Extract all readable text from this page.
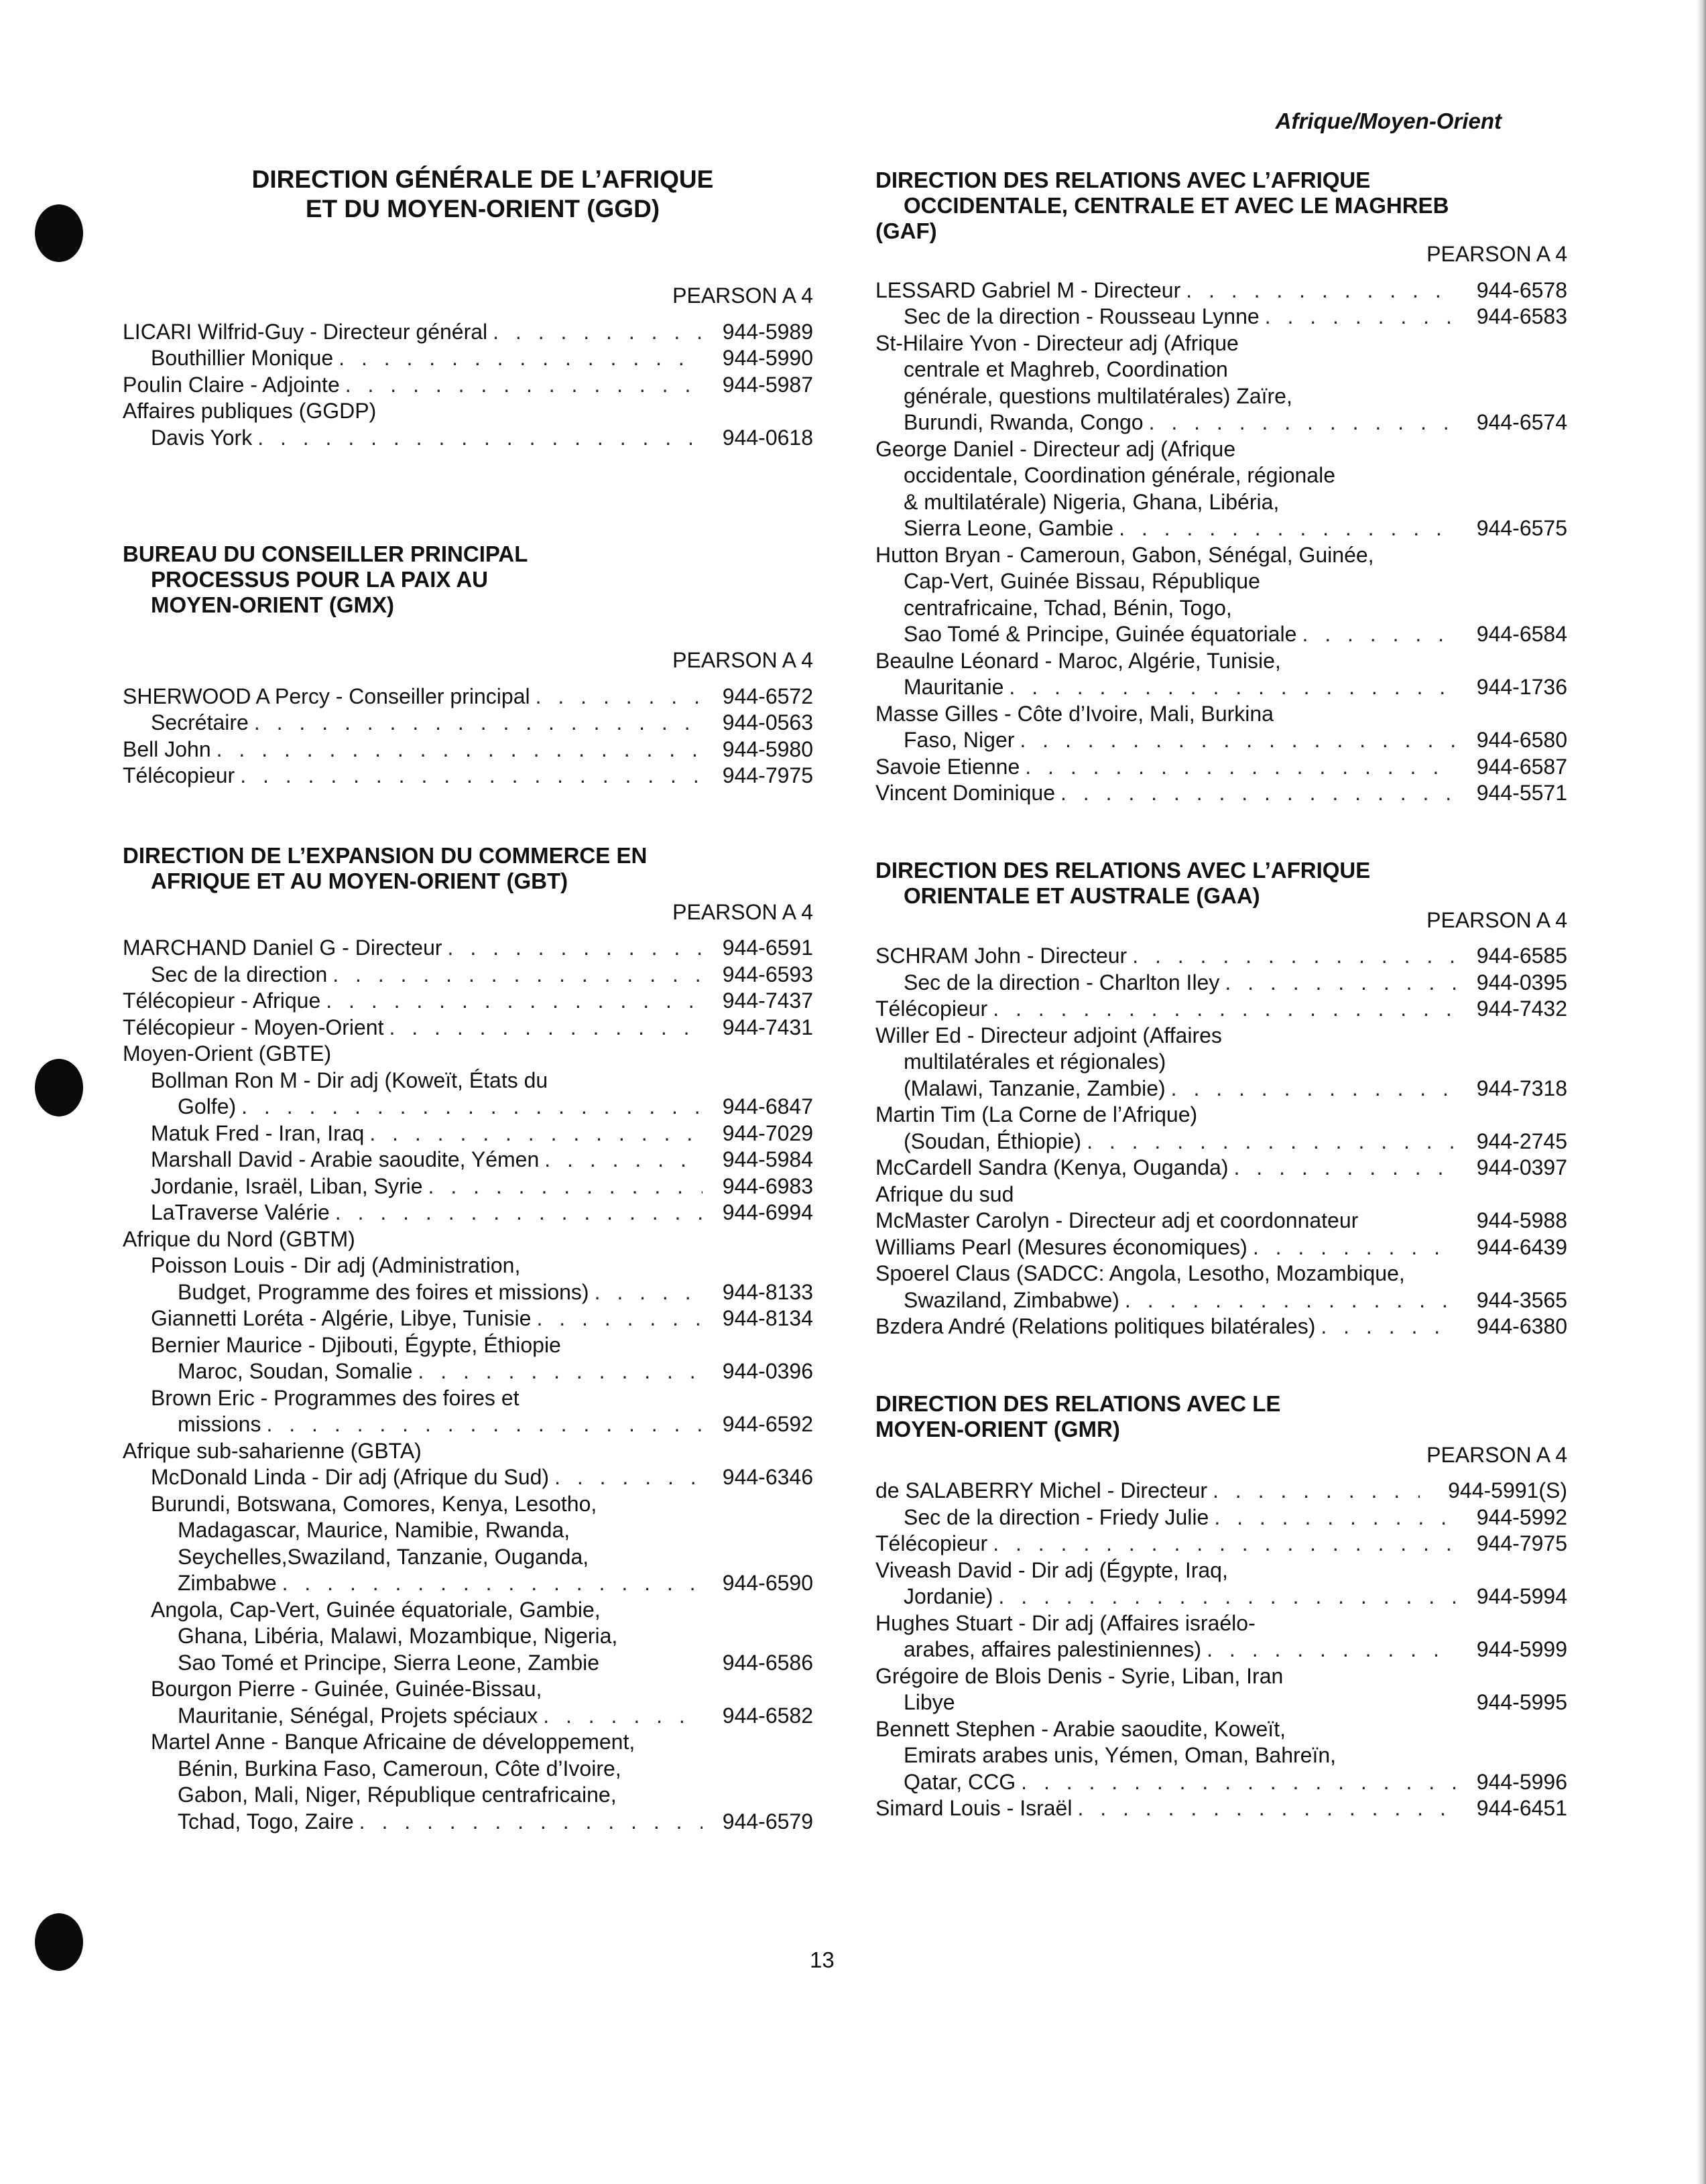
Afrique/Moyen-Orient
DIRECTION GÉNÉRALE DE L’AFRIQUE
ET DU MOYEN-ORIENT (GGD)
PEARSON A 4
LICARI Wilfrid-Guy - Directeur général . . .	944-5989
Bouthillier Monique . . .	944-5990
Poulin Claire - Adjointe . . .	944-5987
Affaires publiques (GGDP)
Davis York . . .	944-0618
BUREAU DU CONSEILLER PRINCIPAL
PROCESSUS POUR LA PAIX AU
MOYEN-ORIENT (GMX)
PEARSON A 4
SHERWOOD A Percy - Conseiller principal . . .	944-6572
Secrétaire . . .	944-0563
Bell John . . .	944-5980
Télécopieur . . .	944-7975
DIRECTION DE L’EXPANSION DU COMMERCE EN
AFRIQUE ET AU MOYEN-ORIENT (GBT)
PEARSON A 4
MARCHAND Daniel G - Directeur . . .	944-6591
Sec de la direction . . .	944-6593
Télécopieur - Afrique . . .	944-7437
Télécopieur - Moyen-Orient . . .	944-7431
Moyen-Orient (GBTE)
Bollman Ron M - Dir adj (Koweït, États du
Golfe) . . .	944-6847
Matuk Fred - Iran, Iraq . . .	944-7029
Marshall David - Arabie saoudite, Yémen . . .	944-5984
Jordanie, Israël, Liban, Syrie . . .	944-6983
LaTraverse Valérie . . .	944-6994
Afrique du Nord (GBTM)
Poisson Louis - Dir adj (Administration,
Budget, Programme des foires et missions) . . .	944-8133
Giannetti Loréta - Algérie, Libye, Tunisie . . .	944-8134
Bernier Maurice - Djibouti, Égypte, Éthiopie
Maroc, Soudan, Somalie . . .	944-0396
Brown Eric - Programmes des foires et
missions . . .	944-6592
Afrique sub-saharienne (GBTA)
McDonald Linda - Dir adj (Afrique du Sud) . . .	944-6346
Burundi, Botswana, Comores, Kenya, Lesotho,
Madagascar, Maurice, Namibie, Rwanda,
Seychelles,Swaziland, Tanzanie, Ouganda,
Zimbabwe . . .	944-6590
Angola, Cap-Vert, Guinée équatoriale, Gambie,
Ghana, Libéria, Malawi, Mozambique, Nigeria,
Sao Tomé et Principe, Sierra Leone, Zambie	944-6586
Bourgon Pierre - Guinée, Guinée-Bissau,
Mauritanie, Sénégal, Projets spéciaux . . .	944-6582
Martel Anne - Banque Africaine de développement,
Bénin, Burkina Faso, Cameroun, Côte d’Ivoire,
Gabon, Mali, Niger, République centrafricaine,
Tchad, Togo, Zaire . . .	944-6579
DIRECTION DES RELATIONS AVEC L’AFRIQUE
OCCIDENTALE, CENTRALE ET AVEC LE MAGHREB
(GAF)
PEARSON A 4
LESSARD Gabriel M - Directeur . . .	944-6578
Sec de la direction - Rousseau Lynne . . .	944-6583
St-Hilaire Yvon - Directeur adj (Afrique
centrale et Maghreb, Coordination
générale, questions multilatérales) Zaïre,
Burundi, Rwanda, Congo . . .	944-6574
George Daniel - Directeur adj (Afrique
occidentale, Coordination générale, régionale
& multilatérale) Nigeria, Ghana, Libéria,
Sierra Leone, Gambie . . .	944-6575
Hutton Bryan - Cameroun, Gabon, Sénégal, Guinée,
Cap-Vert, Guinée Bissau, République
centrafricaine, Tchad, Bénin, Togo,
Sao Tomé & Principe, Guinée équatoriale . . .	944-6584
Beaulne Léonard - Maroc, Algérie, Tunisie,
Mauritanie . . .	944-1736
Masse Gilles - Côte d’Ivoire, Mali, Burkina
Faso, Niger . . .	944-6580
Savoie Etienne . . .	944-6587
Vincent Dominique . . .	944-5571
DIRECTION DES RELATIONS AVEC L’AFRIQUE
ORIENTALE ET AUSTRALE (GAA)
PEARSON A 4
SCHRAM John - Directeur . . .	944-6585
Sec de la direction - Charlton Iley . . .	944-0395
Télécopieur . . .	944-7432
Willer Ed - Directeur adjoint (Affaires
multilatérales et régionales)
(Malawi, Tanzanie, Zambie) . . .	944-7318
Martin Tim (La Corne de l’Afrique)
(Soudan, Éthiopie) . . .	944-2745
McCardell Sandra (Kenya, Ouganda) . . .	944-0397
Afrique du sud
McMaster Carolyn - Directeur adj et coordonnateur	944-5988
Williams Pearl (Mesures économiques) . . .	944-6439
Spoerel Claus (SADCC: Angola, Lesotho, Mozambique,
Swaziland, Zimbabwe) . . .	944-3565
Bzdera André (Relations politiques bilatérales) . . .	944-6380
DIRECTION DES RELATIONS AVEC LE
MOYEN-ORIENT (GMR)
PEARSON A 4
de SALABERRY Michel - Directeur . . .	944-5991(S)
Sec de la direction - Friedy Julie . . .	944-5992
Télécopieur . . .	944-7975
Viveash David - Dir adj (Égypte, Iraq,
Jordanie) . . .	944-5994
Hughes Stuart - Dir adj (Affaires israélo-
arabes, affaires palestiniennes) . . .	944-5999
Grégoire de Blois Denis - Syrie, Liban, Iran
Libye	944-5995
Bennett Stephen - Arabie saoudite, Koweït,
Emirats arabes unis, Yémen, Oman, Bahreïn,
Qatar, CCG . . .	944-5996
Simard Louis - Israël . . .	944-6451
13
